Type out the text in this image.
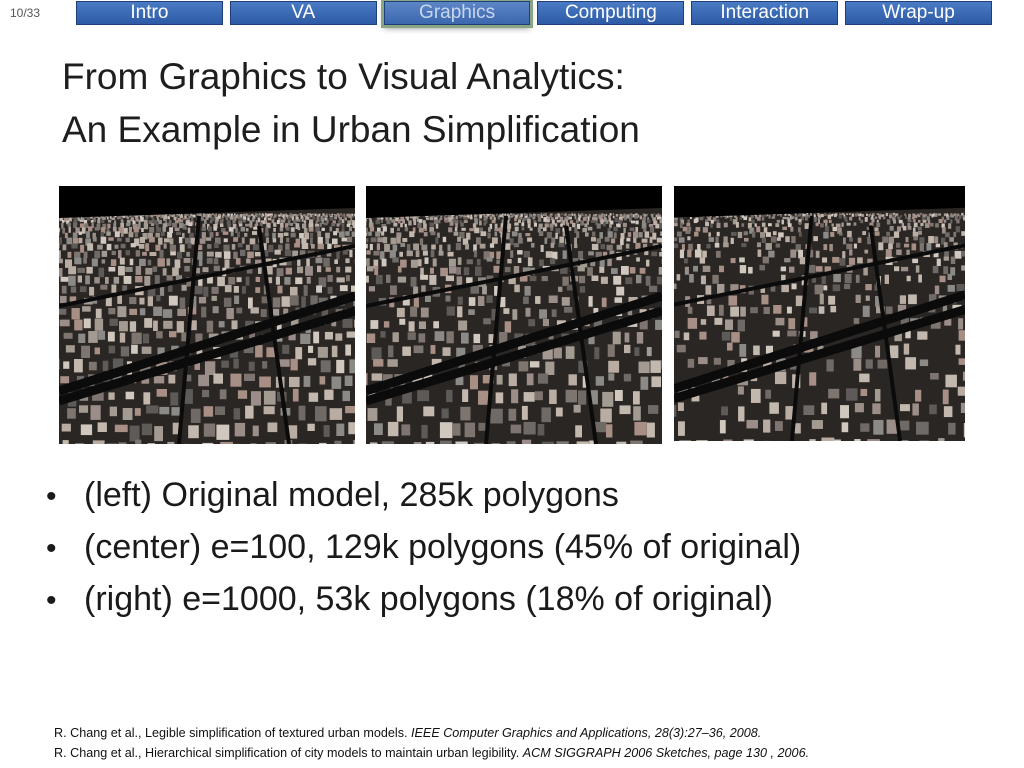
10/33	Intro	VA	Graphics	Computing	Interaction	Wrap-up
From Graphics to Visual Analytics:
An Example in Urban Simplification
• (left) Original model, 285k polygons
• (center) e=100, 129k polygons (45% of original)
• (right) e=1000, 53k polygons (18% of original)
R. Chang et al., Legible simplification of textured urban models. IEEE Computer Graphics and Applications, 28(3):27–36, 2008.
R. Chang et al., Hierarchical simplification of city models to maintain urban legibility. ACM SIGGRAPH 2006 Sketches, page 130 , 2006.
